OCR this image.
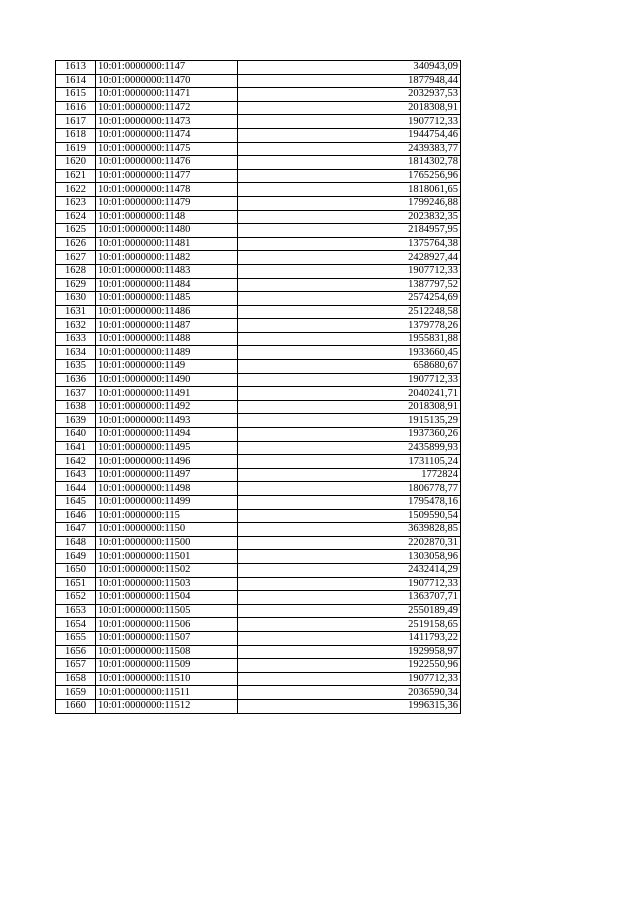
1613	10:01:0000000:1147	340943,09
1614	10:01:0000000:11470	1877948,44
1615	10:01:0000000:11471	2032937,53
1616	10:01:0000000:11472	2018308,91
1617	10:01:0000000:11473	1907712,33
1618	10:01:0000000:11474	1944754,46
1619	10:01:0000000:11475	2439383,77
1620	10:01:0000000:11476	1814302,78
1621	10:01:0000000:11477	1765256,96
1622	10:01:0000000:11478	1818061,65
1623	10:01:0000000:11479	1799246,88
1624	10:01:0000000:1148	2023832,35
1625	10:01:0000000:11480	2184957,95
1626	10:01:0000000:11481	1375764,38
1627	10:01:0000000:11482	2428927,44
1628	10:01:0000000:11483	1907712,33
1629	10:01:0000000:11484	1387797,52
1630	10:01:0000000:11485	2574254,69
1631	10:01:0000000:11486	2512248,58
1632	10:01:0000000:11487	1379778,26
1633	10:01:0000000:11488	1955831,88
1634	10:01:0000000:11489	1933660,45
1635	10:01:0000000:1149	658680,67
1636	10:01:0000000:11490	1907712,33
1637	10:01:0000000:11491	2040241,71
1638	10:01:0000000:11492	2018308,91
1639	10:01:0000000:11493	1915135,29
1640	10:01:0000000:11494	1937360,26
1641	10:01:0000000:11495	2435899,93
1642	10:01:0000000:11496	1731105,24
1643	10:01:0000000:11497	1772824
1644	10:01:0000000:11498	1806778,77
1645	10:01:0000000:11499	1795478,16
1646	10:01:0000000:115	1509590,54
1647	10:01:0000000:1150	3639828,85
1648	10:01:0000000:11500	2202870,31
1649	10:01:0000000:11501	1303058,96
1650	10:01:0000000:11502	2432414,29
1651	10:01:0000000:11503	1907712,33
1652	10:01:0000000:11504	1363707,71
1653	10:01:0000000:11505	2550189,49
1654	10:01:0000000:11506	2519158,65
1655	10:01:0000000:11507	1411793,22
1656	10:01:0000000:11508	1929958,97
1657	10:01:0000000:11509	1922550,96
1658	10:01:0000000:11510	1907712,33
1659	10:01:0000000:11511	2036590,34
1660	10:01:0000000:11512	1996315,36
